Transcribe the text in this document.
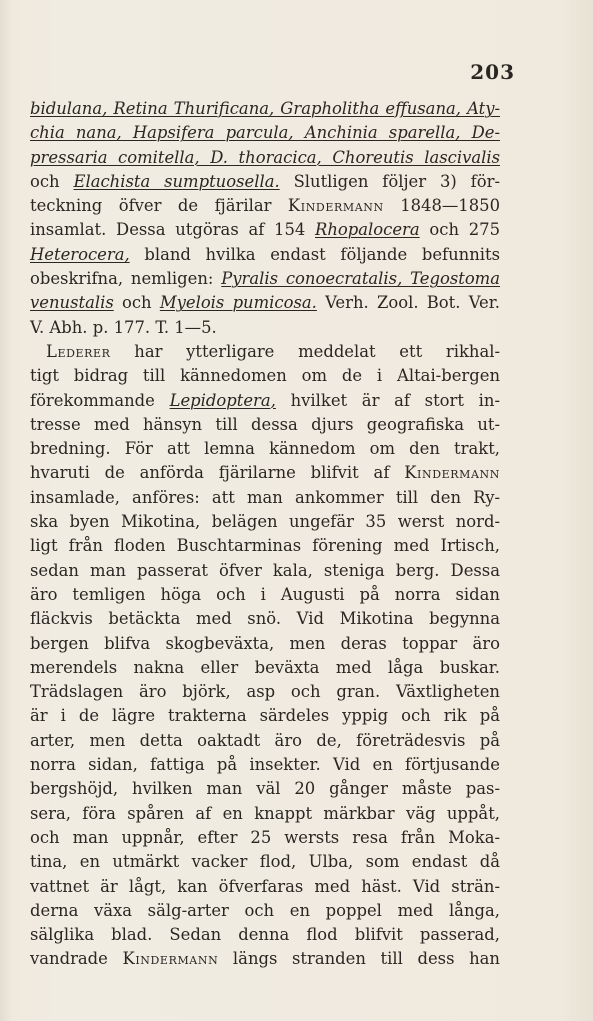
203
bidulana, Retina Thurificana, Grapholitha effusana, Aty-
chia nana, Hapsifera parcula, Anchinia sparella, De-
pressaria comitella, D. thoracica, Choreutis lascivalis
och Elachista sumptuosella. Slutligen följer 3) för-
teckning öfver de fjärilar Kindermann 1848—1850
insamlat. Dessa utgöras af 154 Rhopalocera och 275
Heterocera, bland hvilka endast följande befunnits
obeskrifna, nemligen: Pyralis conoecratalis, Tegostoma
venustalis och Myelois pumicosa. Verh. Zool. Bot. Ver.
V. Abh. p. 177. T. 1—5.
Lederer har ytterligare meddelat ett rikhal-
tigt bidrag till kännedomen om de i Altai-bergen
förekommande Lepidoptera, hvilket är af stort in-
tresse med hänsyn till dessa djurs geografiska ut-
bredning. För att lemna kännedom om den trakt,
hvaruti de anförda fjärilarne blifvit af Kindermann
insamlade, anföres: att man ankommer till den Ry-
ska byen Mikotina, belägen ungefär 35 werst nord-
ligt från floden Buschtarminas förening med Irtisch,
sedan man passerat öfver kala, steniga berg. Dessa
äro temligen höga och i Augusti på norra sidan
fläckvis betäckta med snö. Vid Mikotina begynna
bergen blifva skogbeväxta, men deras toppar äro
merendels nakna eller beväxta med låga buskar.
Trädslagen äro björk, asp och gran. Växtligheten
är i de lägre trakterna särdeles yppig och rik på
arter, men detta oaktadt äro de, företrädesvis på
norra sidan, fattiga på insekter. Vid en förtjusande
bergshöjd, hvilken man väl 20 gånger måste pas-
sera, föra spåren af en knappt märkbar väg uppåt,
och man uppnår, efter 25 wersts resa från Moka-
tina, en utmärkt vacker flod, Ulba, som endast då
vattnet är lågt, kan öfverfaras med häst. Vid strän-
derna växa sälg-arter och en poppel med långa,
sälglika blad. Sedan denna flod blifvit passerad,
vandrade Kindermann längs stranden till dess han
